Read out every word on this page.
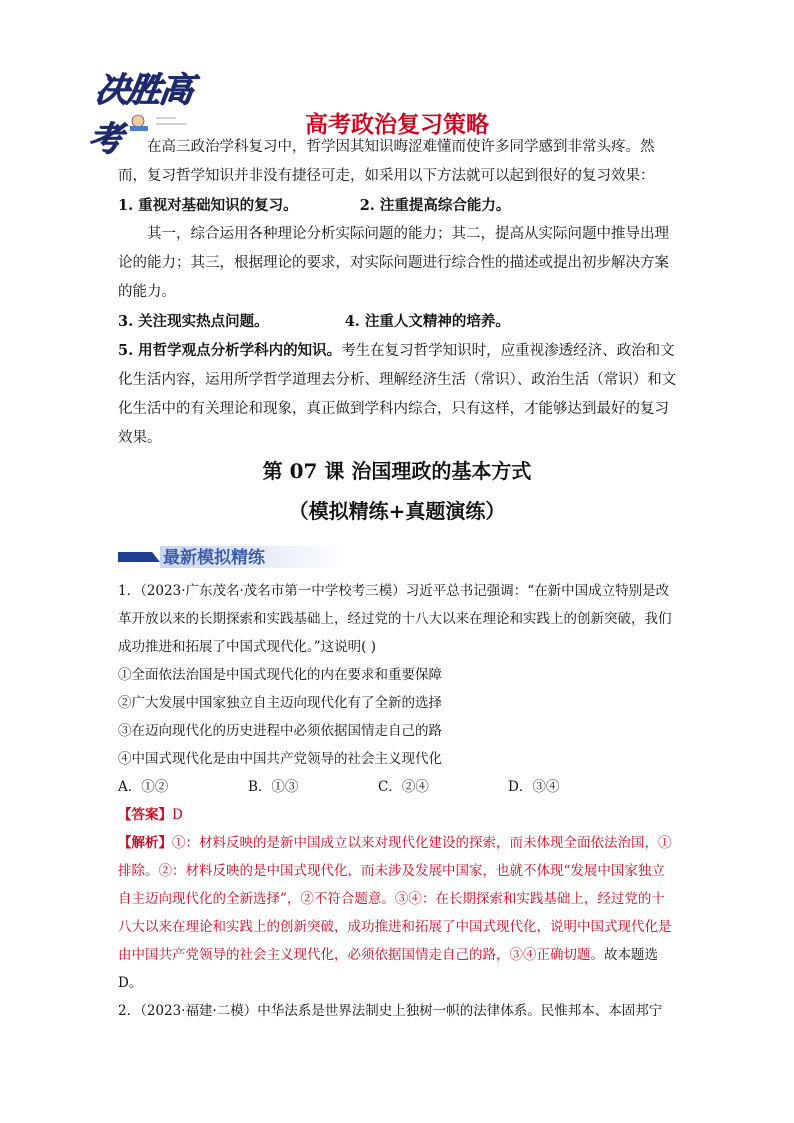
决胜高考	高考政治复习策略

在高三政治学科复习中，哲学因其知识晦涩难懂而使许多同学感到非常头疼。然而，复习哲学知识并非没有捷径可走，如采用以下方法就可以起到很好的复习效果：

1. 重视对基础知识的复习。	2. 注重提高综合能力。

其一，综合运用各种理论分析实际问题的能力；其二，提高从实际问题中推导出理论的能力；其三，根据理论的要求，对实际问题进行综合性的描述或提出初步解决方案的能力。

3. 关注现实热点问题。	4. 注重人文精神的培养。

5. 用哲学观点分析学科内的知识。考生在复习哲学知识时，应重视渗透经济、政治和文化生活内容，运用所学哲学道理去分析、理解经济生活（常识）、政治生活（常识）和文化生活中的有关理论和现象，真正做到学科内综合，只有这样，才能够达到最好的复习效果。

第 07 课 治国理政的基本方式
（模拟精练+真题演练）
最新模拟精练

1．（2023·广东茂名·茂名市第一中学校考三模）习近平总书记强调：“在新中国成立特别是改革开放以来的长期探索和实践基础上，经过党的十八大以来在理论和实践上的创新突破，我们成功推进和拓展了中国式现代化。”这说明( )

①全面依法治国是中国式现代化的内在要求和重要保障

②广大发展中国家独立自主迈向现代化有了全新的选择

③在迈向现代化的历史进程中必须依据国情走自己的路

④中国式现代化是由中国共产党领导的社会主义现代化

A．①②	B．①③	C．②④	D．③④

【答案】D

【解析】①：材料反映的是新中国成立以来对现代化建设的探索，而未体现全面依法治国，①排除。②：材料反映的是中国式现代化，而未涉及发展中国家，也就不体现“发展中国家独立自主迈向现代化的全新选择”，②不符合题意。③④：在长期探索和实践基础上，经过党的十八大以来在理论和实践上的创新突破，成功推进和拓展了中国式现代化，说明中国式现代化是由中国共产党领导的社会主义现代化，必须依据国情走自己的路，③④正确切题。故本题选 D。

2．（2023·福建·二模）中华法系是世界法制史上独树一帜的法律体系。民惟邦本、本固邦宁
